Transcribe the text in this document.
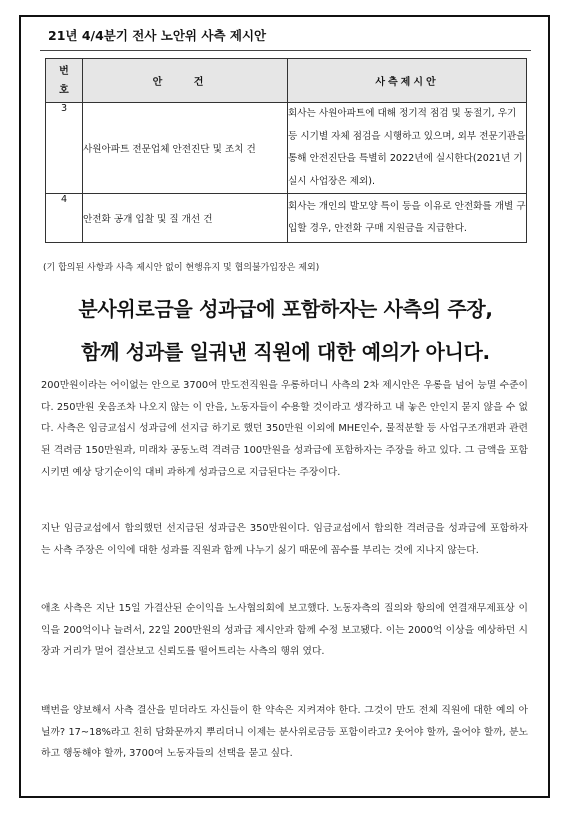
21년 4/4분기 전사 노안위 사측 제시안
번
호	안 건	사측제시안
3	사원아파트 전문업체 안전진단 및 조치 건	회사는 사원아파트에 대해 정기적 점검 및 동절기, 우기 등 시기별 자체 점검을 시행하고 있으며, 외부 전문기관을 통해 안전진단을 특별히 2022년에 실시한다(2021년 기 실시 사업장은 제외).
4	안전화 공개 입찰 및 질 개선 건	회사는 개인의 발모양 특이 등을 이유로 안전화를 개별 구입할 경우, 안전화 구매 지원금을 지급한다.
(기 합의된 사항과 사측 제시안 없이 현행유지 및 협의불가입장은 제외)
분사위로금을 성과급에 포함하자는 사측의 주장,
함께 성과를 일궈낸 직원에 대한 예의가 아니다.

200만원이라는 어이없는 안으로 3700여 만도전직원을 우롱하더니 사측의 2차 제시안은 우롱을 넘어 능멸 수준이다. 250만원 웃음조차 나오지 않는 이 안을, 노동자들이 수용할 것이라고 생각하고 내 놓은 안인지 묻지 않을 수 없다. 사측은 임금교섭시 성과급에 선지급 하기로 했던 350만원 이외에 MHE인수, 물적분할 등 사업구조개편과 관련된 격려금 150만원과, 미래차 공동노력 격려금 100만원을 성과급에 포함하자는 주장을 하고 있다. 그 금액을 포함시키면 예상 당기순이익 대비 과하게 성과급으로 지급된다는 주장이다.

지난 임금교섭에서 합의했던 선지급된 성과급은 350만원이다. 임금교섭에서 합의한 격려금을 성과급에 포함하자는 사측 주장은 이익에 대한 성과를 직원과 함께 나누기 싫기 때문에 꼼수를 부리는 것에 지나지 않는다.

애초 사측은 지난 15일 가결산된 순이익을 노사협의회에 보고했다. 노동자측의 질의와 항의에 연결재무제표상 이익을 200억이나 늘려서, 22일 200만원의 성과급 제시안과 함께 수정 보고됐다. 이는 2000억 이상을 예상하던 시장과 거리가 멀어 결산보고 신뢰도를 떨어트리는 사측의 행위 였다.

백번을 양보해서 사측 결산을 믿더라도 자신들이 한 약속은 지켜져야 한다. 그것이 만도 전체 직원에 대한 예의 아닐까? 17~18%라고 친히 담화문까지 뿌리더니 이제는 분사위로금등 포함이라고? 웃어야 할까, 울어야 할까, 분노하고 행동해야 할까, 3700여 노동자들의 선택을 묻고 싶다.
